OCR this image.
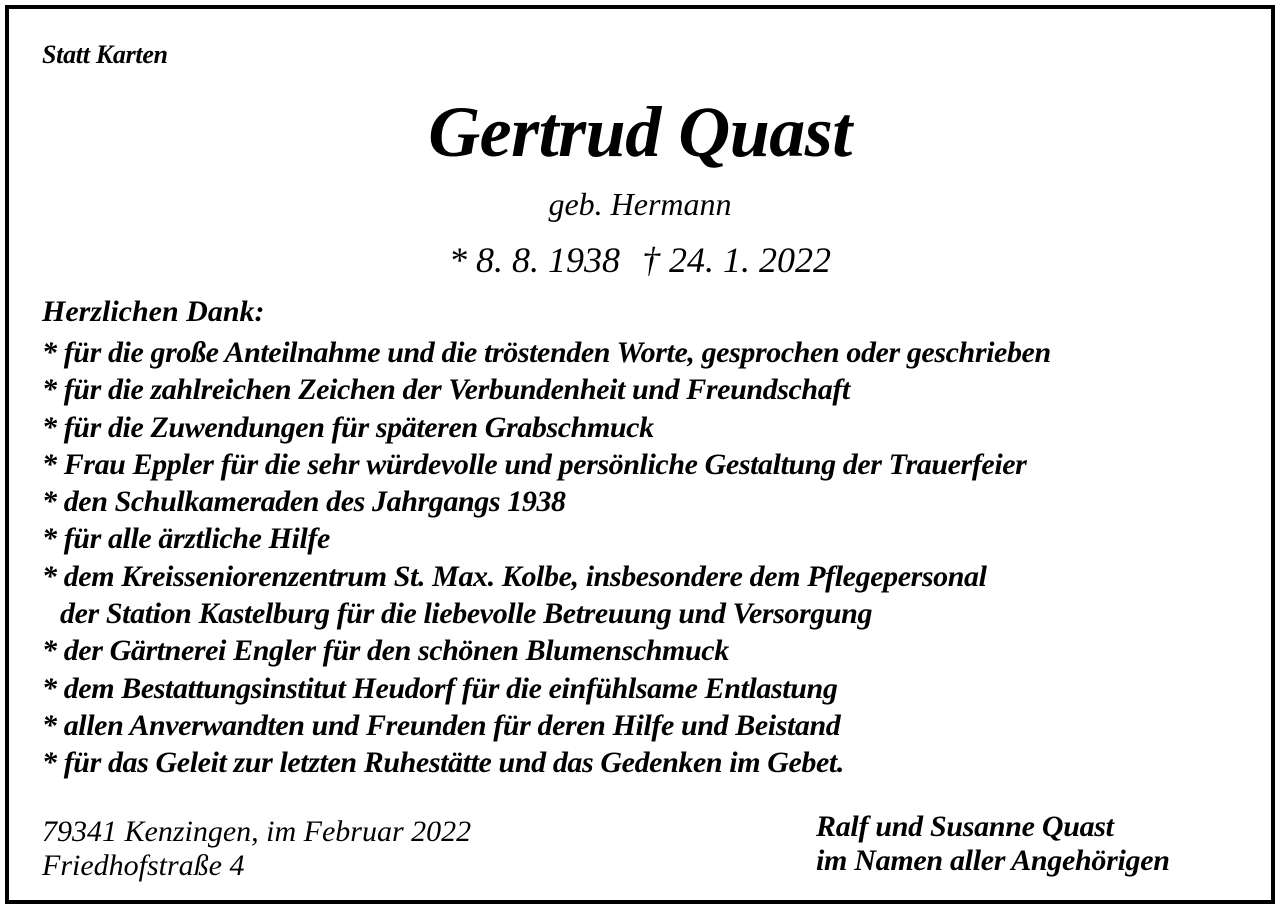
Statt Karten
Gertrud Quast
geb. Hermann
* 8. 8. 1938 † 24. 1. 2022
Herzlichen Dank:
* für die große Anteilnahme und die tröstenden Worte, gesprochen oder geschrieben
* für die zahlreichen Zeichen der Verbundenheit und Freundschaft
* für die Zuwendungen für späteren Grabschmuck
* Frau Eppler für die sehr würdevolle und persönliche Gestaltung der Trauerfeier
* den Schulkameraden des Jahrgangs 1938
* für alle ärztliche Hilfe
* dem Kreisseniorenzentrum St. Max. Kolbe, insbesondere dem Pflegepersonal
der Station Kastelburg für die liebevolle Betreuung und Versorgung
* der Gärtnerei Engler für den schönen Blumenschmuck
* dem Bestattungsinstitut Heudorf für die einfühlsame Entlastung
* allen Anverwandten und Freunden für deren Hilfe und Beistand
* für das Geleit zur letzten Ruhestätte und das Gedenken im Gebet.
79341 Kenzingen, im Februar 2022
Friedhofstraße 4
Ralf und Susanne Quast
im Namen aller Angehörigen
